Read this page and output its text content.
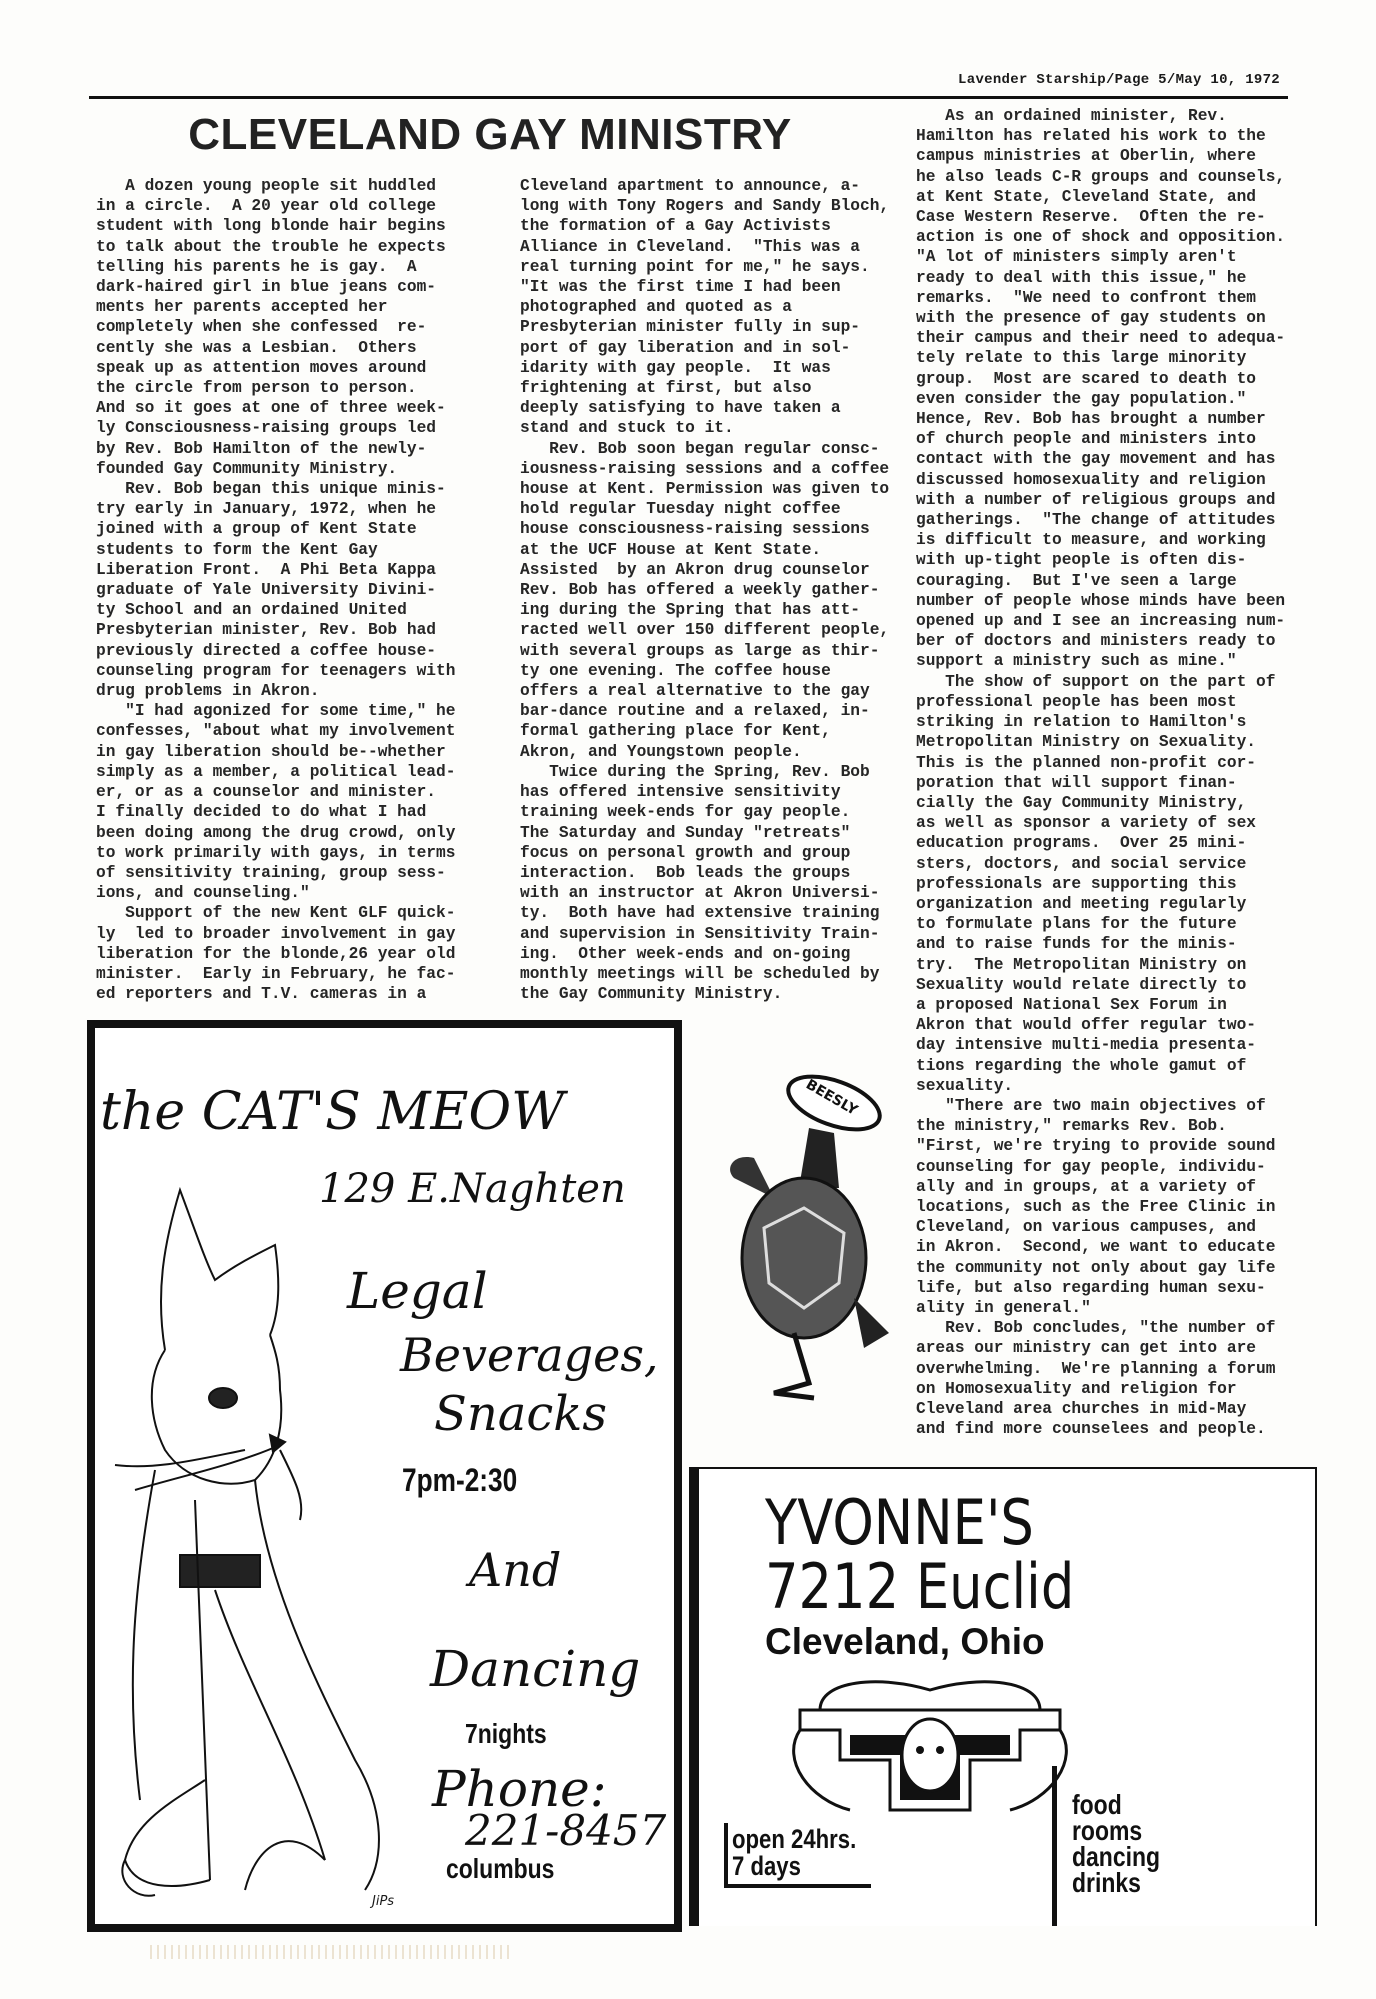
Lavender Starship/Page 5/May 10, 1972
CLEVELAND GAY MINISTRY

A dozen young people sit huddled
in a circle.  A 20 year old college
student with long blonde hair begins
to talk about the trouble he expects
telling his parents he is gay.  A
dark-haired girl in blue jeans com-
ments her parents accepted her
completely when she confessed  re-
cently she was a Lesbian.  Others
speak up as attention moves around
the circle from person to person.
And so it goes at one of three week-
ly Consciousness-raising groups led
by Rev. Bob Hamilton of the newly-
founded Gay Community Ministry.

Rev. Bob began this unique minis-
try early in January, 1972, when he
joined with a group of Kent State
students to form the Kent Gay
Liberation Front.  A Phi Beta Kappa
graduate of Yale University Divini-
ty School and an ordained United
Presbyterian minister, Rev. Bob had
previously directed a coffee house-
counseling program for teenagers with
drug problems in Akron.

"I had agonized for some time," he
confesses, "about what my involvement
in gay liberation should be--whether
simply as a member, a political lead-
er, or as a counselor and minister.
I finally decided to do what I had
been doing among the drug crowd, only
to work primarily with gays, in terms
of sensitivity training, group sess-
ions, and counseling."

Support of the new Kent GLF quick-
ly  led to broader involvement in gay
liberation for the blonde,26 year old
minister.  Early in February, he fac-
ed reporters and T.V. cameras in a

Cleveland apartment to announce, a-
long with Tony Rogers and Sandy Bloch,
the formation of a Gay Activists
Alliance in Cleveland.  "This was a
real turning point for me," he says.
"It was the first time I had been
photographed and quoted as a
Presbyterian minister fully in sup-
port of gay liberation and in sol-
idarity with gay people.  It was
frightening at first, but also
deeply satisfying to have taken a
stand and stuck to it.

Rev. Bob soon began regular consc-
iousness-raising sessions and a coffee
house at Kent. Permission was given to
hold regular Tuesday night coffee
house consciousness-raising sessions
at the UCF House at Kent State.
Assisted  by an Akron drug counselor
Rev. Bob has offered a weekly gather-
ing during the Spring that has att-
racted well over 150 different people,
with several groups as large as thir-
ty one evening. The coffee house
offers a real alternative to the gay
bar-dance routine and a relaxed, in-
formal gathering place for Kent,
Akron, and Youngstown people.

Twice during the Spring, Rev. Bob
has offered intensive sensitivity
training week-ends for gay people.
The Saturday and Sunday "retreats"
focus on personal growth and group
interaction.  Bob leads the groups
with an instructor at Akron Universi-
ty.  Both have had extensive training
and supervision in Sensitivity Train-
ing.  Other week-ends and on-going
monthly meetings will be scheduled by
the Gay Community Ministry.

As an ordained minister, Rev.
Hamilton has related his work to the
campus ministries at Oberlin, where
he also leads C-R groups and counsels,
at Kent State, Cleveland State, and
Case Western Reserve.  Often the re-
action is one of shock and opposition.
"A lot of ministers simply aren't
ready to deal with this issue," he
remarks.  "We need to confront them
with the presence of gay students on
their campus and their need to adequa-
tely relate to this large minority
group.  Most are scared to death to
even consider the gay population."
Hence, Rev. Bob has brought a number
of church people and ministers into
contact with the gay movement and has
discussed homosexuality and religion
with a number of religious groups and
gatherings.  "The change of attitudes
is difficult to measure, and working
with up-tight people is often dis-
couraging.  But I've seen a large
number of people whose minds have been
opened up and I see an increasing num-
ber of doctors and ministers ready to
support a ministry such as mine."

The show of support on the part of
professional people has been most
striking in relation to Hamilton's
Metropolitan Ministry on Sexuality.
This is the planned non-profit cor-
poration that will support finan-
cially the Gay Community Ministry,
as well as sponsor a variety of sex
education programs.  Over 25 mini-
sters, doctors, and social service
professionals are supporting this
organization and meeting regularly
to formulate plans for the future
and to raise funds for the minis-
try.  The Metropolitan Ministry on
Sexuality would relate directly to
a proposed National Sex Forum in
Akron that would offer regular two-
day intensive multi-media presenta-
tions regarding the whole gamut of
sexuality.

"There are two main objectives of
the ministry," remarks Rev. Bob.
"First, we're trying to provide sound
counseling for gay people, individu-
ally and in groups, at a variety of
locations, such as the Free Clinic in
Cleveland, on various campuses, and
in Akron.  Second, we want to educate
the community not only about gay life
life, but also regarding human sexu-
ality in general."

Rev. Bob concludes, "the number of
areas our ministry can get into are
overwhelming.  We're planning a forum
on Homosexuality and religion for
Cleveland area churches in mid-May
and find more counselees and people.

the CAT'S MEOW
129 E.Naghten
Legal
Beverages,
Snacks
7pm-2:30
And
Dancing
7nights
Phone:
221-8457
columbus
JiPs
BEESLY
YVONNE'S
7212 Euclid
Cleveland, Ohio
open 24hrs.
7 days
food
rooms
dancing
drinks
